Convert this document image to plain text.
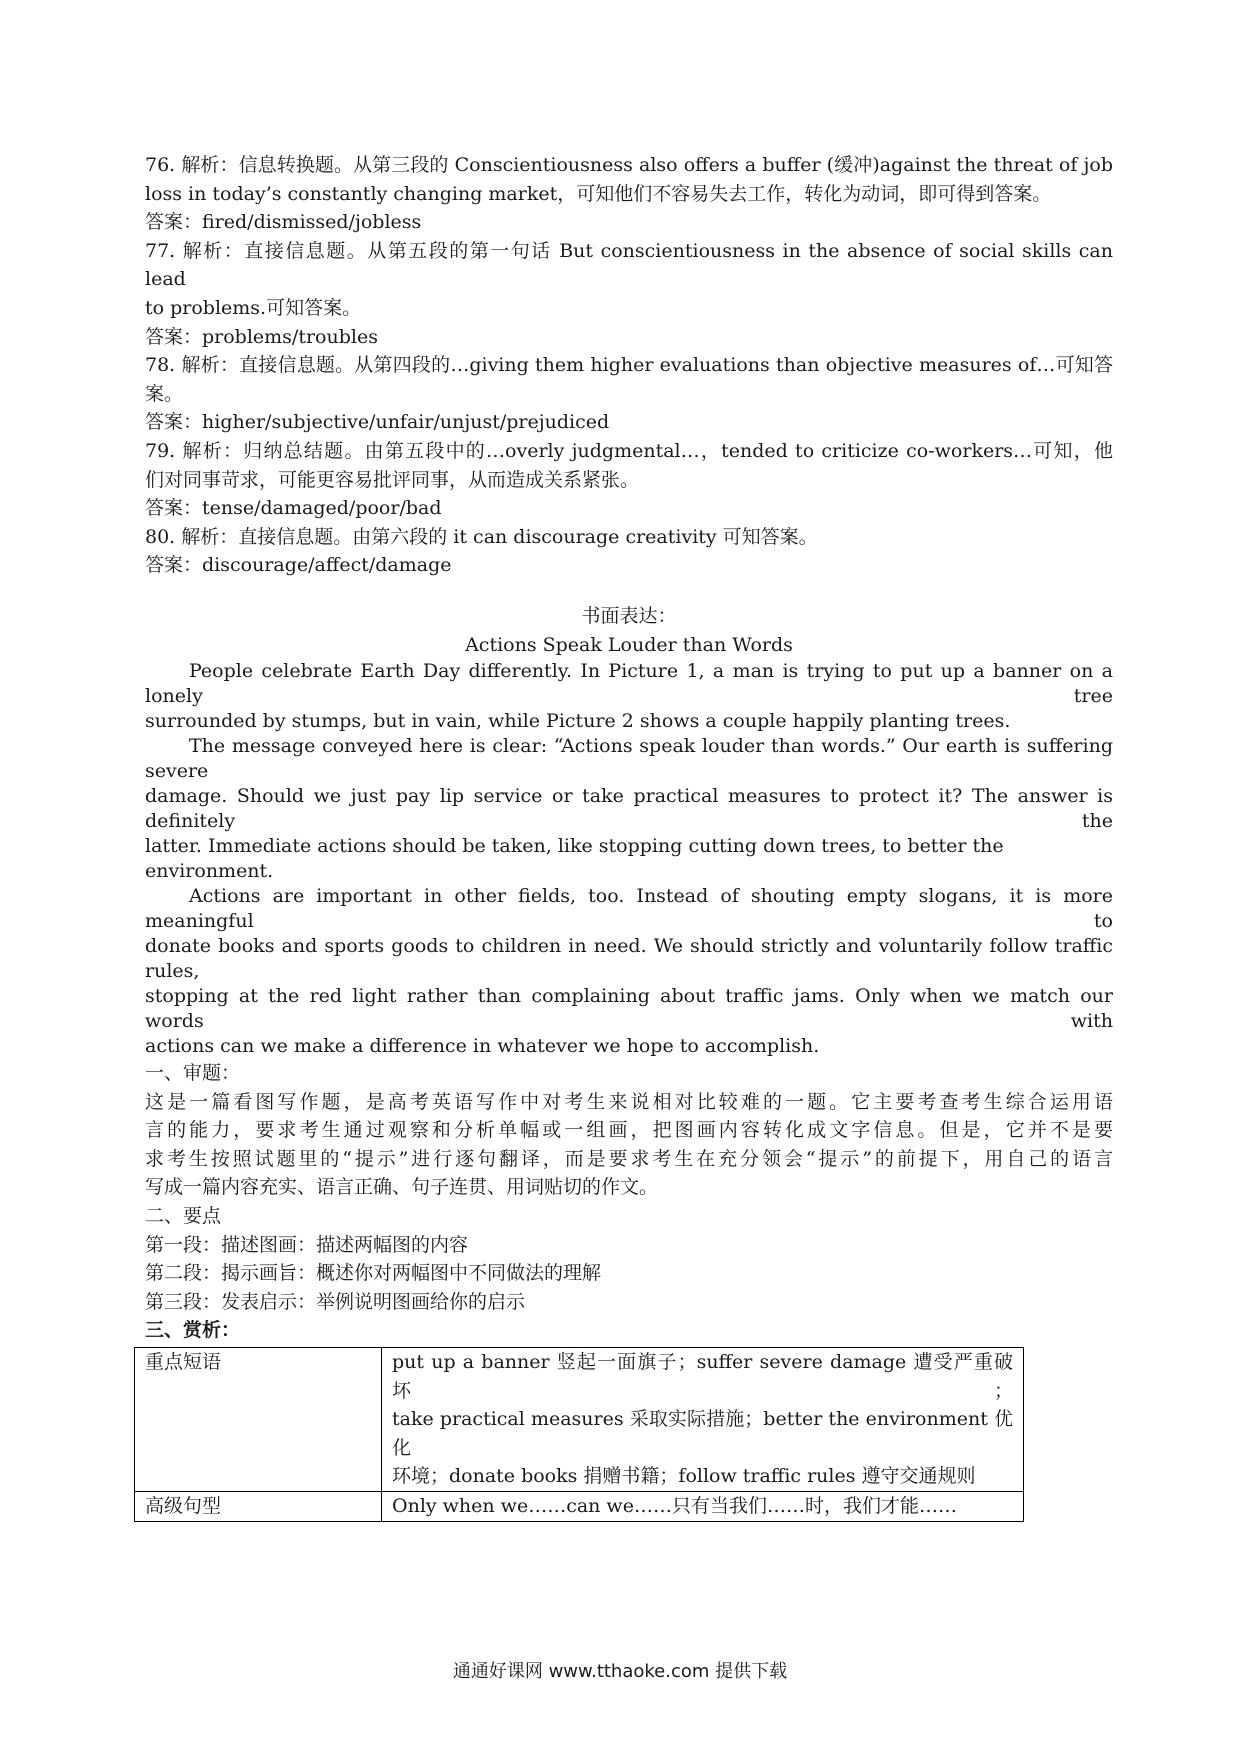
76. 解析：信息转换题。从第三段的 Conscientiousness also offers a buffer (缓冲)against the threat of job
loss in today’s constantly changing market，可知他们不容易失去工作，转化为动词，即可得到答案。
答案：fired/dismissed/jobless
77. 解析：直接信息题。从第五段的第一句话 But conscientiousness in the absence of social skills can lead
to problems.可知答案。
答案：problems/troubles
78. 解析：直接信息题。从第四段的…giving them higher evaluations than objective measures of…可知答
案。
答案：higher/subjective/unfair/unjust/prejudiced
79. 解析：归纳总结题。由第五段中的…overly judgmental…，tended to criticize co-workers…可知，他
们对同事苛求，可能更容易批评同事，从而造成关系紧张。
答案：tense/damaged/poor/bad
80. 解析：直接信息题。由第六段的 it can discourage creativity 可知答案。
答案：discourage/affect/damage
书面表达：
Actions Speak Louder than Words
People celebrate Earth Day differently. In Picture 1, a man is trying to put up a banner on a lonely tree
surrounded by stumps, but in vain, while Picture 2 shows a couple happily planting trees.
The message conveyed here is clear: “Actions speak louder than words.” Our earth is suffering severe
damage. Should we just pay lip service or take practical measures to protect it? The answer is definitely the
latter. Immediate actions should be taken, like stopping cutting down trees, to better the environment.
Actions are important in other fields, too. Instead of shouting empty slogans, it is more meaningful to
donate books and sports goods to children in need. We should strictly and voluntarily follow traffic rules,
stopping at the red light rather than complaining about traffic jams. Only when we match our words with
actions can we make a difference in whatever we hope to accomplish.
一、审题：
这是一篇看图写作题，是高考英语写作中对考生来说相对比较难的一题。它主要考查考生综合运用语
言的能力，要求考生通过观察和分析单幅或一组画，把图画内容转化成文字信息。但是，它并不是要
求考生按照试题里的“提示”进行逐句翻译，而是要求考生在充分领会“提示”的前提下，用自己的语言
写成一篇内容充实、语言正确、句子连贯、用词贴切的作文。
二、要点
第一段：描述图画：描述两幅图的内容
第二段：揭示画旨：概述你对两幅图中不同做法的理解
第三段：发表启示：举例说明图画给你的启示
三、赏析：
重点短语	put up a banner 竖起一面旗子；suffer severe damage 遭受严重破坏；
take practical measures 采取实际措施；better the environment 优化
环境；donate books 捐赠书籍；follow traffic rules 遵守交通规则

高级句型	Only when we……can we……只有当我们……时，我们才能……
通通好课网 www.tthaoke.com 提供下载
